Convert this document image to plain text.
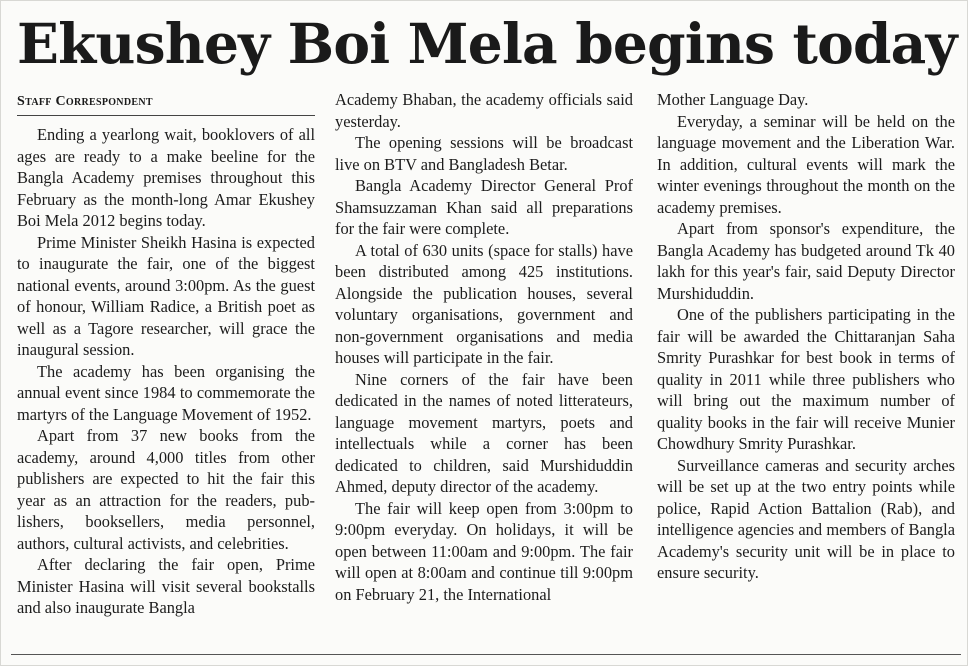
Ekushey Boi Mela begins today
Staff Correspondent

Ending a yearlong wait, booklovers of all ages are ready to a make beeline for the Bangla Academy premises throughout this February as the month-long Amar Ekushey Boi Mela 2012 begins today.

Prime Minister Sheikh Hasina is expected to inaugurate the fair, one of the biggest national events, around 3:00pm. As the guest of honour, William Radice, a British poet as well as a Tagore researcher, will grace the inaugural session.

The academy has been organising the annual event since 1984 to commemorate the martyrs of the Language Movement of 1952.

Apart from 37 new books from the academy, around 4,000 titles from other publishers are expected to hit the fair this year as an attraction for the readers, publishers, booksellers, media personnel, authors, cultural activists, and celebrities.

After declaring the fair open, Prime Minister Hasina will visit several bookstalls and also inaugurate Bangla

Academy Bhaban, the academy officials said yesterday.

The opening sessions will be broadcast live on BTV and Bangladesh Betar.

Bangla Academy Director General Prof Shamsuzzaman Khan said all preparations for the fair were complete.

A total of 630 units (space for stalls) have been distributed among 425 institutions. Alongside the publication houses, several voluntary organisations, government and non-government organisations and media houses will participate in the fair.

Nine corners of the fair have been dedicated in the names of noted litterateurs, language movement martyrs, poets and intellectuals while a corner has been dedicated to children, said Murshiduddin Ahmed, deputy director of the academy.

The fair will keep open from 3:00pm to 9:00pm everyday. On holidays, it will be open between 11:00am and 9:00pm. The fair will open at 8:00am and continue till 9:00pm on February 21, the International

Mother Language Day.

Everyday, a seminar will be held on the language movement and the Liberation War. In addition, cultural events will mark the winter evenings throughout the month on the academy premises.

Apart from sponsor's expenditure, the Bangla Academy has budgeted around Tk 40 lakh for this year's fair, said Deputy Director Murshiduddin.

One of the publishers participating in the fair will be awarded the Chittaranjan Saha Smrity Purashkar for best book in terms of quality in 2011 while three publishers who will bring out the maximum number of quality books in the fair will receive Munier Chowdhury Smrity Purashkar.

Surveillance cameras and security arches will be set up at the two entry points while police, Rapid Action Battalion (Rab), and intelligence agencies and members of Bangla Academy's security unit will be in place to ensure security.
